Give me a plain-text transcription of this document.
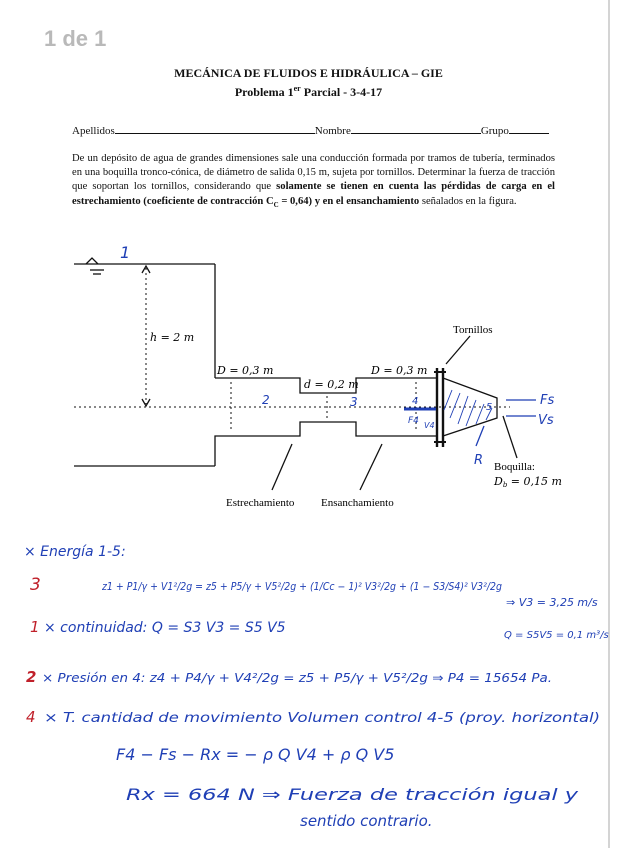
1 de 1
MECÁNICA DE FLUIDOS E HIDRÁULICA – GIE
Problema 1er Parcial - 3-4-17
Apellidos	Nombre	Grupo
De un depósito de agua de grandes dimensiones sale una conducción formada por tramos de tubería, terminados en una boquilla tronco-cónica, de diámetro de salida 0,15 m, sujeta por tornillos. Determinar la fuerza de tracción que soportan los tornillos, considerando que solamente se tienen en cuenta las pérdidas de carga en el estrechamiento (coeficiente de contracción $C_C = 0,64$) y en el ensanchamiento señalados en la figura.
h = 2 m
D = 0,3 m
d = 0,2 m
D = 0,3 m
Tornillos
Estrechamiento Ensanchamiento
Boquilla:
Db = 0,15 m
1
2	3	4
5
F4 V4
Fs
Vs
R
× Energía 1-5:
3	z1 + P1/γ + V1²/2g = z5 + P5/γ + V5²/2g + (1/Cc − 1)² V3²/2g + (1 − S3/S4)² V3²/2g
⇒ V3 = 3,25 m/s
1 × continuidad: Q = S3 V3 = S5 V5	Q = S5V5 = 0,1 m³/s
2 × Presión en 4: z4 + P4/γ + V4²/2g = z5 + P5/γ + V5²/2g ⇒ P4 = 15654 Pa.
4 × T. cantidad de movimiento Volumen control 4-5 (proy. horizontal)
F4 − Fs − Rx = − ρ Q V4 + ρ Q V5
Rx = 664 N ⇒ Fuerza de tracción igual y
sentido contrario.
